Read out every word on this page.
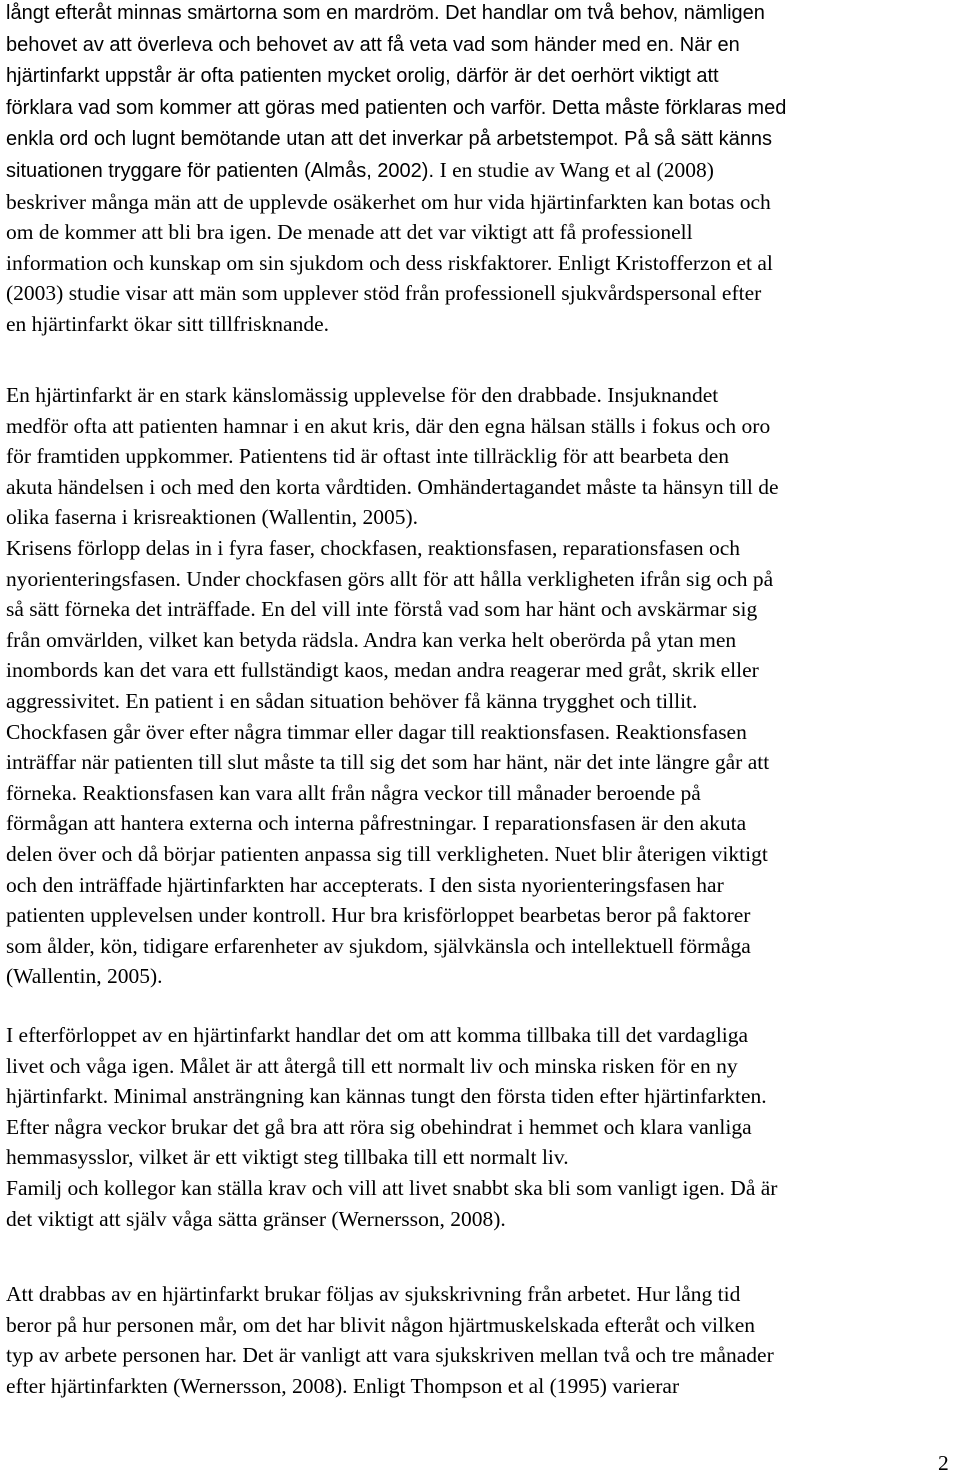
långt efteråt minnas smärtorna som en mardröm. Det handlar om två behov, nämligen
behovet av att överleva och behovet av att få veta vad som händer med en. När en
hjärtinfarkt uppstår är ofta patienten mycket orolig, därför är det oerhört viktigt att
förklara vad som kommer att göras med patienten och varför. Detta måste förklaras med
enkla ord och lugnt bemötande utan att det inverkar på arbetstempot. På så sätt känns
situationen tryggare för patienten (Almås, 2002). I en studie av Wang et al (2008)
beskriver många män att de upplevde osäkerhet om hur vida hjärtinfarkten kan botas och
om de kommer att bli bra igen. De menade att det var viktigt att få professionell
information och kunskap om sin sjukdom och dess riskfaktorer. Enligt Kristofferzon et al
(2003) studie visar att män som upplever stöd från professionell sjukvårdspersonal efter
en hjärtinfarkt ökar sitt tillfrisknande.
En hjärtinfarkt är en stark känslomässig upplevelse för den drabbade. Insjuknandet
medför ofta att patienten hamnar i en akut kris, där den egna hälsan ställs i fokus och oro
för framtiden uppkommer. Patientens tid är oftast inte tillräcklig för att bearbeta den
akuta händelsen i och med den korta vårdtiden. Omhändertagandet måste ta hänsyn till de
olika faserna i krisreaktionen (Wallentin, 2005).
Krisens förlopp delas in i fyra faser, chockfasen, reaktionsfasen, reparationsfasen och
nyorienteringsfasen. Under chockfasen görs allt för att hålla verkligheten ifrån sig och på
så sätt förneka det inträffade. En del vill inte förstå vad som har hänt och avskärmar sig
från omvärlden, vilket kan betyda rädsla. Andra kan verka helt oberörda på ytan men
inombords kan det vara ett fullständigt kaos, medan andra reagerar med gråt, skrik eller
aggressivitet. En patient i en sådan situation behöver få känna trygghet och tillit.
Chockfasen går över efter några timmar eller dagar till reaktionsfasen. Reaktionsfasen
inträffar när patienten till slut måste ta till sig det som har hänt, när det inte längre går att
förneka. Reaktionsfasen kan vara allt från några veckor till månader beroende på
förmågan att hantera externa och interna påfrestningar. I reparationsfasen är den akuta
delen över och då börjar patienten anpassa sig till verkligheten. Nuet blir återigen viktigt
och den inträffade hjärtinfarkten har accepterats. I den sista nyorienteringsfasen har
patienten upplevelsen under kontroll. Hur bra krisförloppet bearbetas beror på faktorer
som ålder, kön, tidigare erfarenheter av sjukdom, självkänsla och intellektuell förmåga
(Wallentin, 2005).
I efterförloppet av en hjärtinfarkt handlar det om att komma tillbaka till det vardagliga
livet och våga igen. Målet är att återgå till ett normalt liv och minska risken för en ny
hjärtinfarkt. Minimal ansträngning kan kännas tungt den första tiden efter hjärtinfarkten.
Efter några veckor brukar det gå bra att röra sig obehindrat i hemmet och klara vanliga
hemmasysslor, vilket är ett viktigt steg tillbaka till ett normalt liv.
Familj och kollegor kan ställa krav och vill att livet snabbt ska bli som vanligt igen. Då är
det viktigt att själv våga sätta gränser (Wernersson, 2008).
Att drabbas av en hjärtinfarkt brukar följas av sjukskrivning från arbetet. Hur lång tid
beror på hur personen mår, om det har blivit någon hjärtmuskelskada efteråt och vilken
typ av arbete personen har. Det är vanligt att vara sjukskriven mellan två och tre månader
efter hjärtinfarkten (Wernersson, 2008). Enligt Thompson et al (1995) varierar
2
